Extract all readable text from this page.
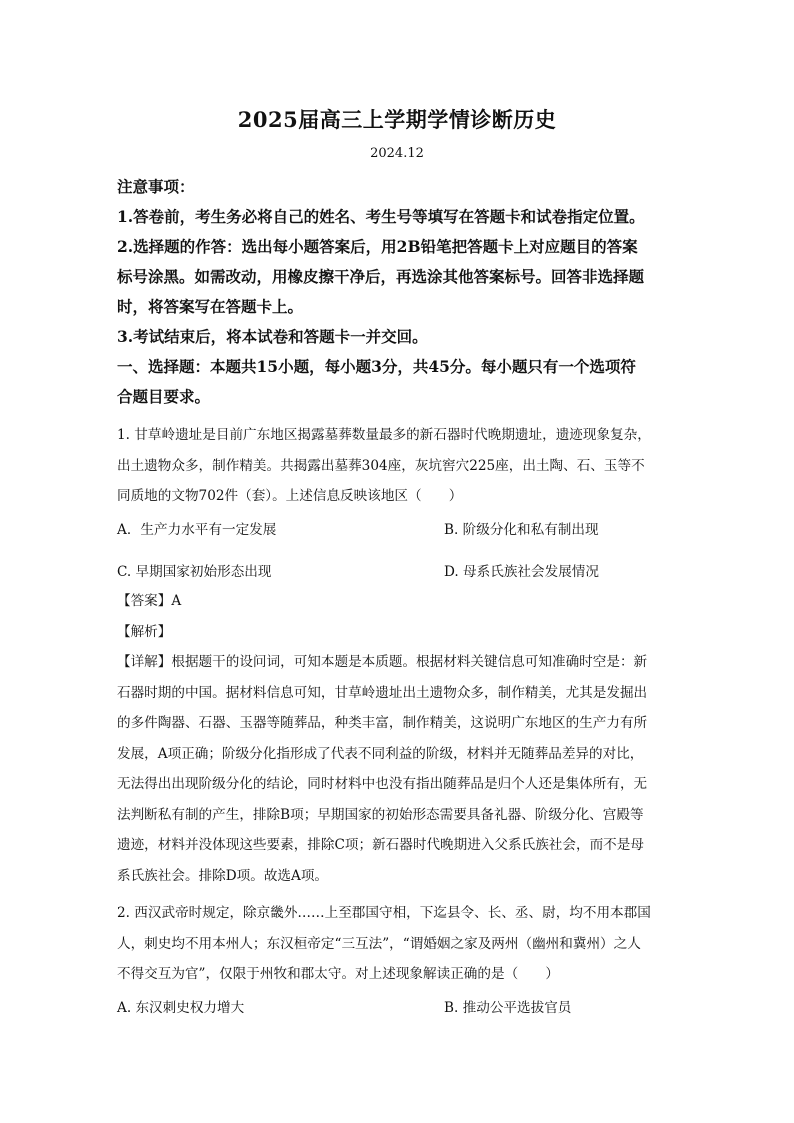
2025届高三上学期学情诊断历史
2024.12
注意事项：
1.答卷前，考生务必将自己的姓名、考生号等填写在答题卡和试卷指定位置。
2.选择题的作答：选出每小题答案后，用2B铅笔把答题卡上对应题目的答案
标号涂黑。如需改动，用橡皮擦干净后，再选涂其他答案标号。回答非选择题
时，将答案写在答题卡上。
3.考试结束后，将本试卷和答题卡一并交回。
一、选择题：本题共15小题，每小题3分，共45分。每小题只有一个选项符
合题目要求。
1. 甘草岭遗址是目前广东地区揭露墓葬数量最多的新石器时代晚期遗址，遗迹现象复杂，
出土遗物众多，制作精美。共揭露出墓葬304座，灰坑窖穴225座，出土陶、石、玉等不
同质地的文物702件（套）。上述信息反映该地区（　　）
A．生产力水平有一定发展	B. 阶级分化和私有制出现
C. 早期国家初始形态出现	D. 母系氏族社会发展情况
【答案】A
【解析】
【详解】根据题干的设问词，可知本题是本质题。根据材料关键信息可知准确时空是：新
石器时期的中国。据材料信息可知，甘草岭遗址出土遗物众多，制作精美，尤其是发掘出
的多件陶器、石器、玉器等随葬品，种类丰富，制作精美，这说明广东地区的生产力有所
发展，A项正确；阶级分化指形成了代表不同利益的阶级，材料并无随葬品差异的对比，
无法得出出现阶级分化的结论，同时材料中也没有指出随葬品是归个人还是集体所有，无
法判断私有制的产生，排除B项；早期国家的初始形态需要具备礼器、阶级分化、宫殿等
遗迹，材料并没体现这些要素，排除C项；新石器时代晚期进入父系氏族社会，而不是母
系氏族社会。排除D项。故选A项。
2. 西汉武帝时规定，除京畿外……上至郡国守相，下迄县令、长、丞、尉，均不用本郡国
人，刺史均不用本州人；东汉桓帝定“三互法”，“谓婚姻之家及两州（幽州和冀州）之人
不得交互为官”，仅限于州牧和郡太守。对上述现象解读正确的是（　　）
A. 东汉刺史权力增大	B. 推动公平选拔官员
